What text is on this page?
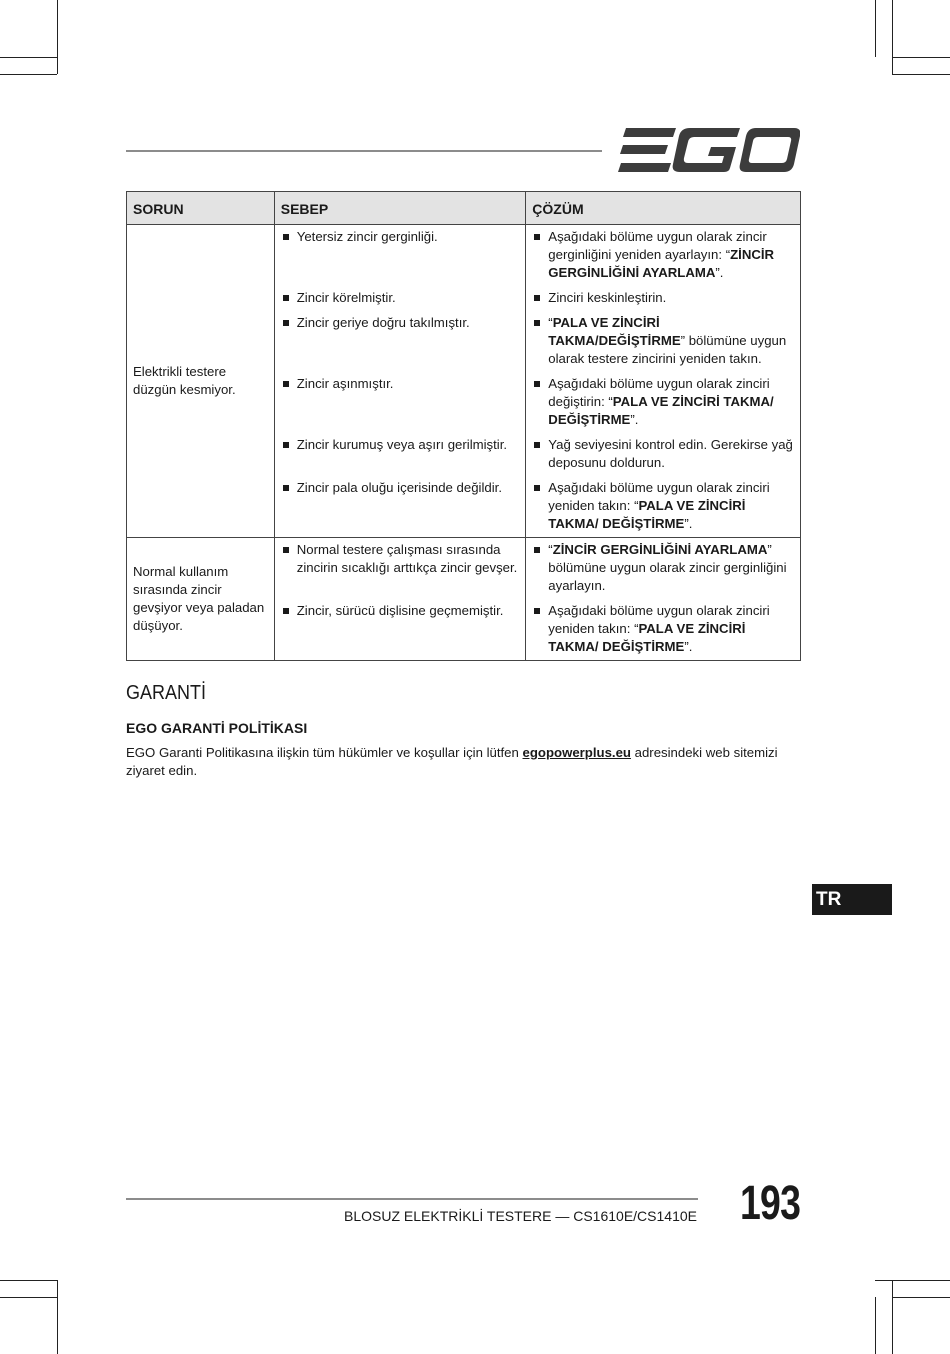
SORUN	SEBEP	ÇÖZÜM
Elektrikli testere düzgün kesmiyor.	Yetersiz zincir gerginliği.	Aşağıdaki bölüme uygun olarak zincir gerginliğini yeniden ayarlayın: “ZİNCİR GERGİNLİĞİNİ AYARLAMA”.

	Zincir körelmiştir.	Zinciri keskinleştirin.

	Zincir geriye doğru takılmıştır.	“PALA VE ZİNCİRİ TAKMA/DEĞİŞTİRME” bölümüne uygun olarak testere zincirini yeniden takın.

	Zincir aşınmıştır.	Aşağıdaki bölüme uygun olarak zinciri değiştirin: “PALA VE ZİNCİRİ TAKMA/ DEĞİŞTİRME”.

	Zincir kurumuş veya aşırı gerilmiştir.	Yağ seviyesini kontrol edin. Gerekirse yağ deposunu doldurun.

	Zincir pala oluğu içerisinde değildir.	Aşağıdaki bölüme uygun olarak zinciri yeniden takın: “PALA VE ZİNCİRİ TAKMA/ DEĞİŞTİRME”.

Normal kullanım sırasında zincir gevşiyor veya paladan düşüyor.	Normal testere çalışması sırasında zincirin sıcaklığı arttıkça zincir gevşer.	“ZİNCİR GERGİNLİĞİNİ AYARLAMA” bölümüne uygun olarak zincir gerginliğini ayarlayın.

	Zincir, sürücü dişlisine geçmemiştir.	Aşağıdaki bölüme uygun olarak zinciri yeniden takın: “PALA VE ZİNCİRİ TAKMA/ DEĞİŞTİRME”.
GARANTİ
EGO GARANTİ POLİTİKASI
EGO Garanti Politikasına ilişkin tüm hükümler ve koşullar için lütfen egopowerplus.eu adresindeki web sitemizi ziyaret edin.
TR
BLOSUZ ELEKTRİKLİ TESTERE — CS1610E/CS1410E 193
